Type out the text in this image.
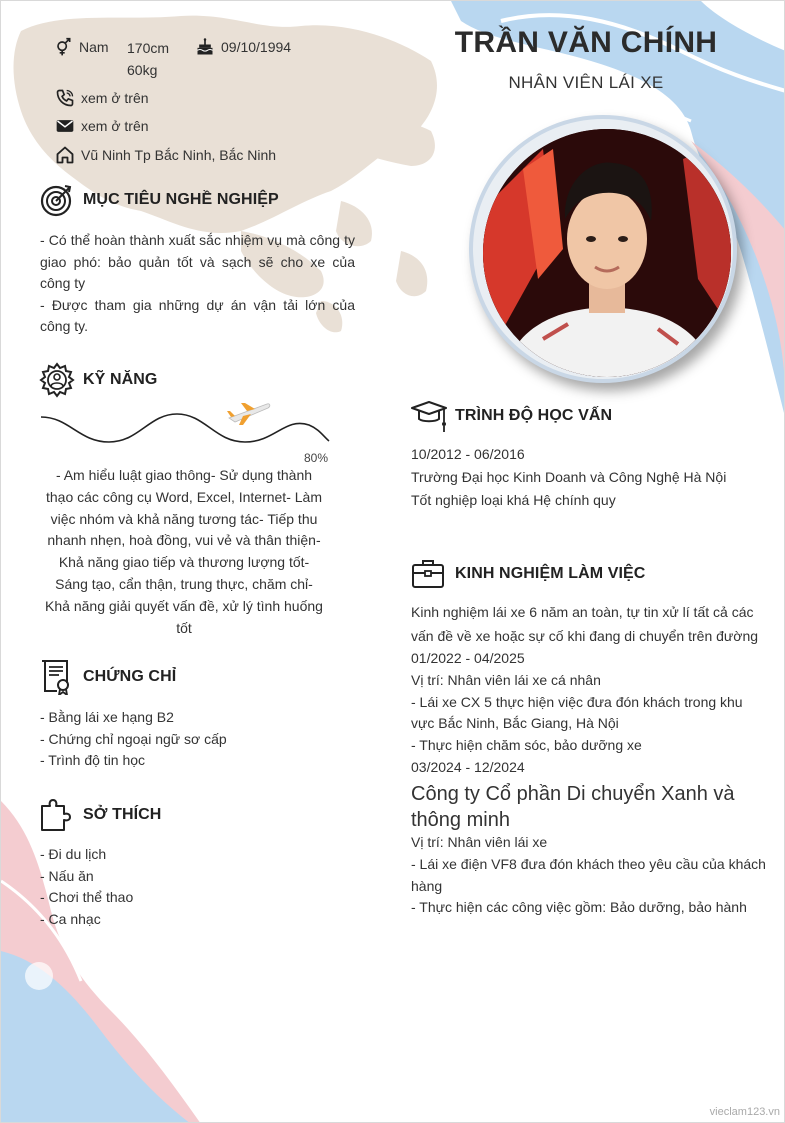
Nam 170cm
60kg
09/10/1994
xem ở trên
xem ở trên
Vũ Ninh Tp Bắc Ninh, Bắc Ninh
TRẦN VĂN CHÍNH
NHÂN VIÊN LÁI XE
MỤC TIÊU NGHỀ NGHIỆP
- Có thể hoàn thành xuất sắc nhiệm vụ mà công ty giao phó: bảo quản tốt và sạch sẽ cho xe của công ty
- Được tham gia những dự án vận tải lớn của công ty.
KỸ NĂNG
80%
- Am hiểu luật giao thông- Sử dụng thành thạo các công cụ Word, Excel, Internet- Làm việc nhóm và khả năng tương tác- Tiếp thu nhanh nhẹn, hoà đồng, vui vẻ và thân thiện- Khả năng giao tiếp và thương lượng tốt- Sáng tạo, cẩn thận, trung thực, chăm chỉ- Khả năng giải quyết vấn đề, xử lý tình huống tốt
CHỨNG CHỈ
- Bằng lái xe hạng B2
- Chứng chỉ ngoại ngữ sơ cấp
- Trình độ tin học
SỞ THÍCH
- Đi du lịch
- Nấu ăn
- Chơi thể thao
- Ca nhạc
TRÌNH ĐỘ HỌC VẤN
10/2012 - 06/2016
Trường Đại học Kinh Doanh và Công Nghệ Hà Nội
Tốt nghiệp loại khá Hệ chính quy
KINH NGHIỆM LÀM VIỆC
Kinh nghiệm lái xe 6 năm an toàn, tự tin xử lí tất cả các vấn đề về xe hoặc sự cố khi đang di chuyển trên đường
01/2022 - 04/2025
Vị trí: Nhân viên lái xe cá nhân
- Lái xe CX 5 thực hiện việc đưa đón khách trong khu vực Bắc Ninh, Bắc Giang, Hà Nội
- Thực hiện chăm sóc, bảo dưỡng xe
03/2024 - 12/2024
Công ty Cổ phần Di chuyển Xanh và thông minh
Vị trí: Nhân viên lái xe
- Lái xe điện VF8 đưa đón khách theo yêu cầu của khách hàng
- Thực hiện các công việc gồm: Bảo dưỡng, bảo hành
vieclam123.vn
